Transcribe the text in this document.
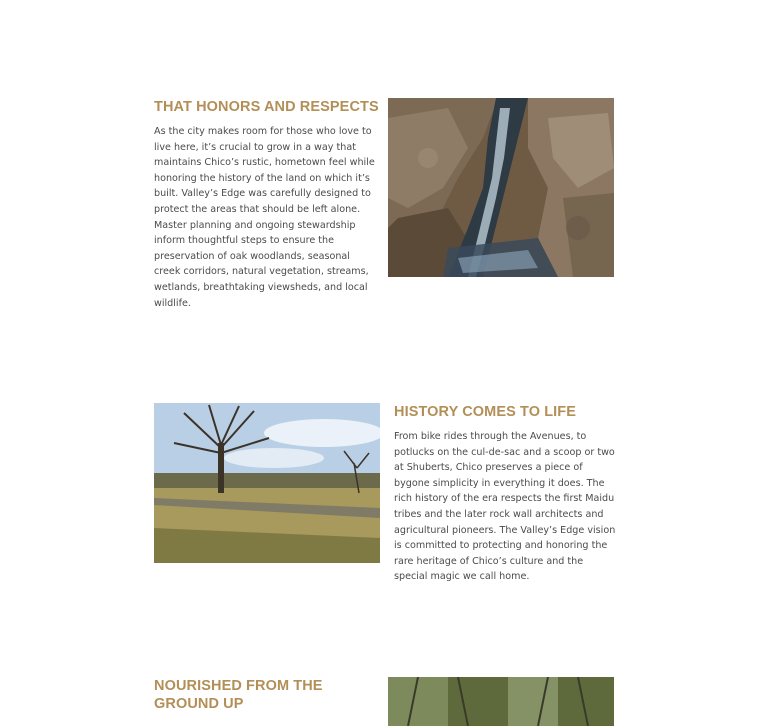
THAT HONORS AND RESPECTS

As the city makes room for those who love to live here, it’s crucial to grow in a way that maintains Chico’s rustic, hometown feel while honoring the history of the land on which it’s built. Valley’s Edge was carefully designed to protect the areas that should be left alone. Master planning and ongoing stewardship inform thoughtful steps to ensure the preservation of oak woodlands, seasonal creek corridors, natural vegetation, streams, wetlands, breathtaking viewsheds, and local wildlife.

HISTORY COMES TO LIFE

From bike rides through the Avenues, to potlucks on the cul-de-sac and a scoop or two at Shuberts, Chico preserves a piece of bygone simplicity in everything it does. The rich history of the era respects the first Maidu tribes and the later rock wall architects and agricultural pioneers. The Valley’s Edge vision is committed to protecting and honoring the rare heritage of Chico’s culture and the special magic we call home.

NOURISHED FROM THE GROUND UP
